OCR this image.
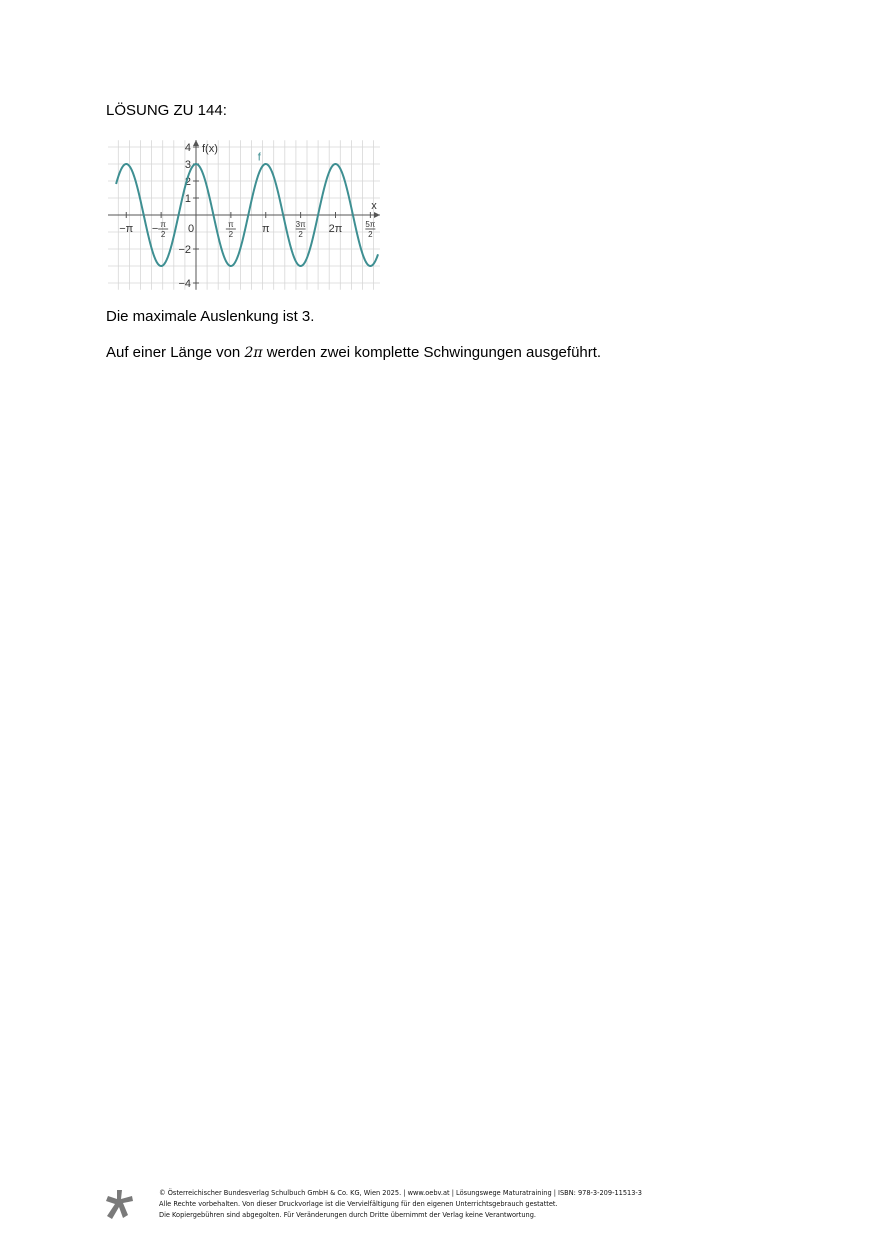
LÖSUNG ZU 144:
f(x)
x
4
3
2
1
−2
−4
−π − π
2 0	π
2	π	3π
2 2π	5π
2
f
Die maximale Auslenkung ist 3.
Auf einer Länge von 2π werden zwei komplette Schwingungen ausgeführt.
© Österreichischer Bundesverlag Schulbuch GmbH & Co. KG, Wien 2025. | www.oebv.at | Lösungswege Maturatraining | ISBN: 978-3-209-11513-3
Alle Rechte vorbehalten. Von dieser Druckvorlage ist die Vervielfältigung für den eigenen Unterrichtsgebrauch gestattet.
Die Kopiergebühren sind abgegolten. Für Veränderungen durch Dritte übernimmt der Verlag keine Verantwortung.
